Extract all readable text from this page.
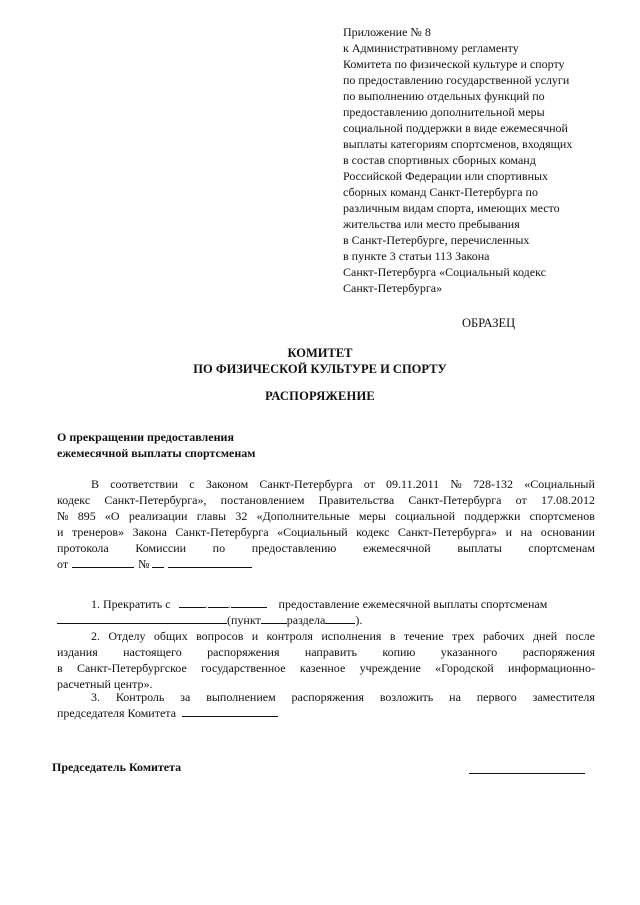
Приложение № 8
к Административному регламенту
Комитета по физической культуре и спорту
по предоставлению государственной услуги
по выполнению отдельных функций по
предоставлению дополнительной меры
социальной поддержки в виде ежемесячной
выплаты категориям спортсменов, входящих
в состав спортивных сборных команд
Российской Федерации или спортивных
сборных команд Санкт-Петербурга по
различным видам спорта, имеющих место
жительства или место пребывания
в Санкт-Петербурге, перечисленных
в пункте 3 статьи 113 Закона
Санкт-Петербурга «Социальный кодекс
Санкт-Петербурга»
ОБРАЗЕЦ
КОМИТЕТ
ПО ФИЗИЧЕСКОЙ КУЛЬТУРЕ И СПОРТУ
РАСПОРЯЖЕНИЕ
О прекращении предоставления
ежемесячной выплаты спортсменам
В соответствии с Законом Санкт-Петербурга от 09.11.2011 № 728-132 «Социальный
кодекс Санкт-Петербурга», постановлением Правительства Санкт-Петербурга от 17.08.2012
№ 895 «О реализации главы 32 «Дополнительные меры социальной поддержки спортсменов
и тренеров» Закона Санкт-Петербурга «Социальный кодекс Санкт-Петербурга» и на основании
протокола Комиссии по предоставлению ежемесячной выплаты спортсменам
от	№
1. Прекратить с	. .	предоставление ежемесячной выплаты спортсменам
(пункт раздела	).
2. Отделу общих вопросов и контроля исполнения в течение трех рабочих дней после
издания настоящего распоряжения направить копию указанного распоряжения
в Санкт-Петербургское государственное казенное учреждение «Городской информационно-
расчетный центр».
3. Контроль за выполнением распоряжения возложить на первого заместителя
председателя Комитета
Председатель Комитета
